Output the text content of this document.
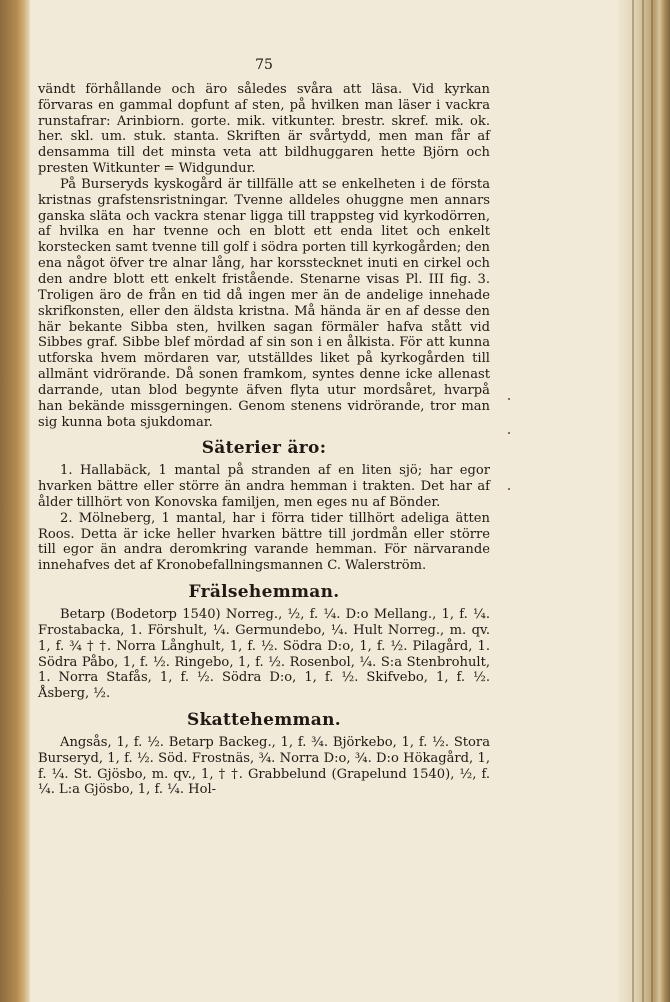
75

vändt förhållande och äro således svåra att läsa. Vid kyrkan förvaras en gammal dopfunt af sten, på hvilken man läser i vackra runstafrar: Arinbiorn. gorte. mik. vitkunter. brestr. skref. mik. ok. her. skl. um. stuk. stanta. Skriften är svårtydd, men man får af densamma till det minsta veta att bildhuggaren hette Björn och presten Witkunter = Widgundur.

På Burseryds kyskogård är tillfälle att se enkelheten i de första kristnas grafstensristningar. Tvenne alldeles ohuggne men annars ganska släta och vackra stenar ligga till trappsteg vid kyrkodörren, af hvilka en har tvenne och en blott ett enda litet och enkelt korstecken samt tvenne till golf i södra porten till kyrkogården; den ena något öfver tre alnar lång, har korsstecknet inuti en cirkel och den andre blott ett enkelt fristående. Stenarne visas Pl. III fig. 3. Troligen äro de från en tid då ingen mer än de andelige innehade skrifkonsten, eller den äldsta kristna. Må hända är en af desse den här bekante Sibba sten, hvilken sagan förmäler hafva stått vid Sibbes graf. Sibbe blef mördad af sin son i en ålkista. För att kunna utforska hvem mördaren var, utställdes liket på kyrkogården till allmänt vidrörande. Då sonen framkom, syntes denne icke allenast darrande, utan blod begynte äfven flyta utur mordsåret, hvarpå han bekände missgerningen. Genom stenens vidrörande, tror man sig kunna bota sjukdomar.

Säterier äro:

1. Hallabäck, 1 mantal på stranden af en liten sjö; har egor hvarken bättre eller större än andra hemman i trakten. Det har af ålder tillhört von Konovska familjen, men eges nu af Bönder.

2. Mölneberg, 1 mantal, har i förra tider tillhört adeliga ätten Roos. Detta är icke heller hvarken bättre till jordmån eller större till egor än andra deromkring varande hemman. För närvarande innehafves det af Kronobefallningsmannen C. Walerström.

Frälsehemman.

Betarp (Bodetorp 1540) Norreg., ½, f. ¼. D:o Mellang., 1, f. ¼. Frostabacka, 1. Förshult, ¼. Germundebo, ¼. Hult Norreg., m. qv. 1, f. ¾ † †. Norra Långhult, 1, f. ½. Södra D:o, 1, f. ½. Pilagård, 1. Södra Påbo, 1, f. ½. Ringebo, 1, f. ½. Rosenbol, ¼. S:a Stenbrohult, 1. Norra Stafås, 1, f. ½. Södra D:o, 1, f. ½. Skifvebo, 1, f. ½. Åsberg, ½.

Skattehemman.

Angsås, 1, f. ½. Betarp Backeg., 1, f. ¾. Björkebo, 1, f. ½. Stora Burseryd, 1, f. ½. Söd. Frostnäs, ¾. Norra D:o, ¾. D:o Hökagård, 1, f. ¼. St. Gjösbo, m. qv., 1, † †. Grabbelund (Grapelund 1540), ½, f. ¼. L:a Gjösbo, 1, f. ¼. Hol-
